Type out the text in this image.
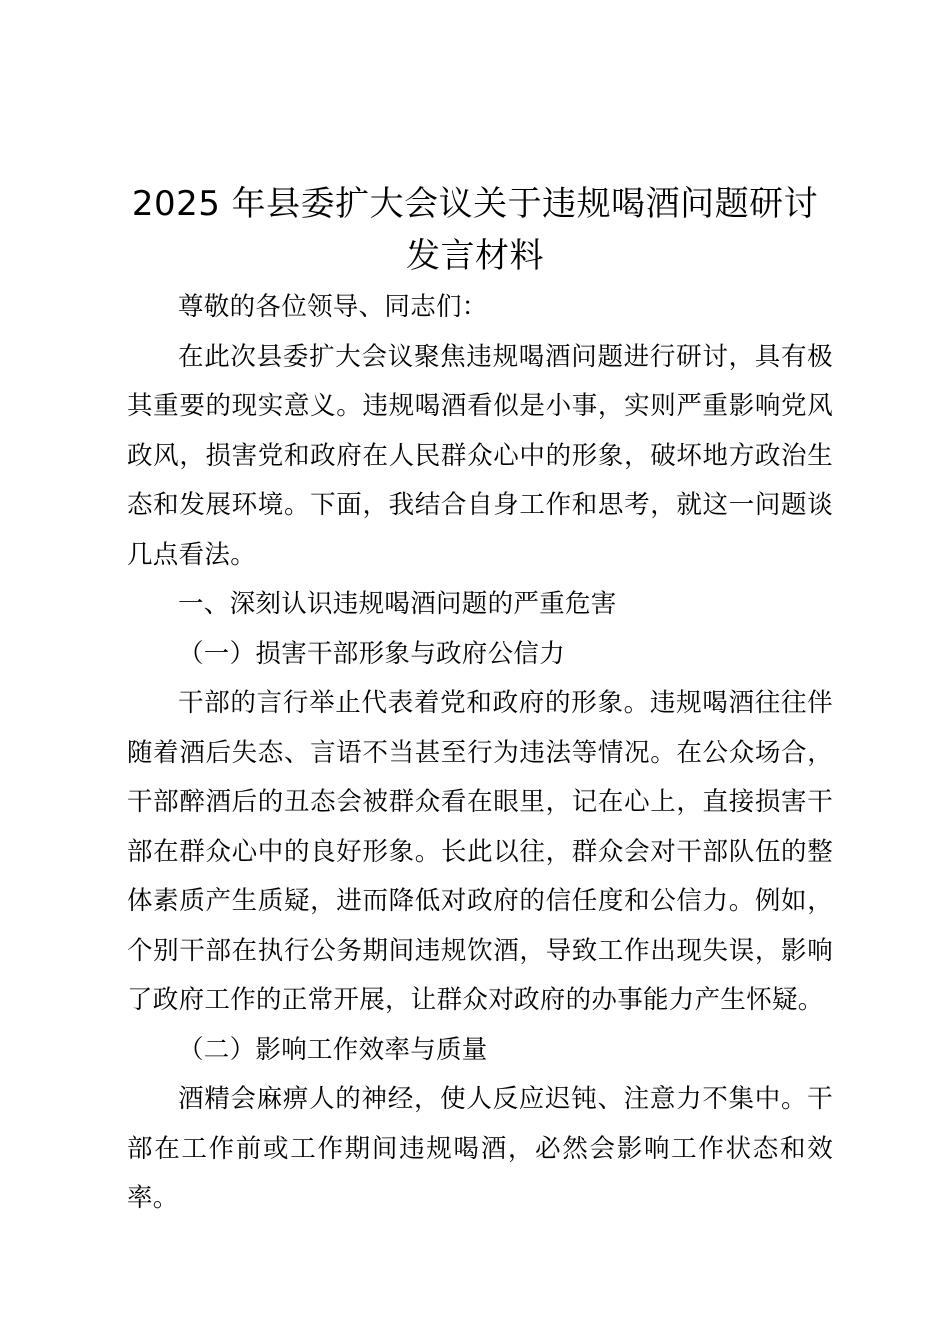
2025 年县委扩大会议关于违规喝酒问题研讨
发言材料

尊敬的各位领导、同志们：

在此次县委扩大会议聚焦违规喝酒问题进行研讨，具有极其重要的现实意义。违规喝酒看似是小事，实则严重影响党风政风，损害党和政府在人民群众心中的形象，破坏地方政治生态和发展环境。下面，我结合自身工作和思考，就这一问题谈几点看法。

一、深刻认识违规喝酒问题的严重危害

（一）损害干部形象与政府公信力

干部的言行举止代表着党和政府的形象。违规喝酒往往伴随着酒后失态、言语不当甚至行为违法等情况。在公众场合，干部醉酒后的丑态会被群众看在眼里，记在心上，直接损害干部在群众心中的良好形象。长此以往，群众会对干部队伍的整体素质产生质疑，进而降低对政府的信任度和公信力。例如，个别干部在执行公务期间违规饮酒，导致工作出现失误，影响了政府工作的正常开展，让群众对政府的办事能力产生怀疑。

（二）影响工作效率与质量

酒精会麻痹人的神经，使人反应迟钝、注意力不集中。干部在工作前或工作期间违规喝酒，必然会影响工作状态和效率。
